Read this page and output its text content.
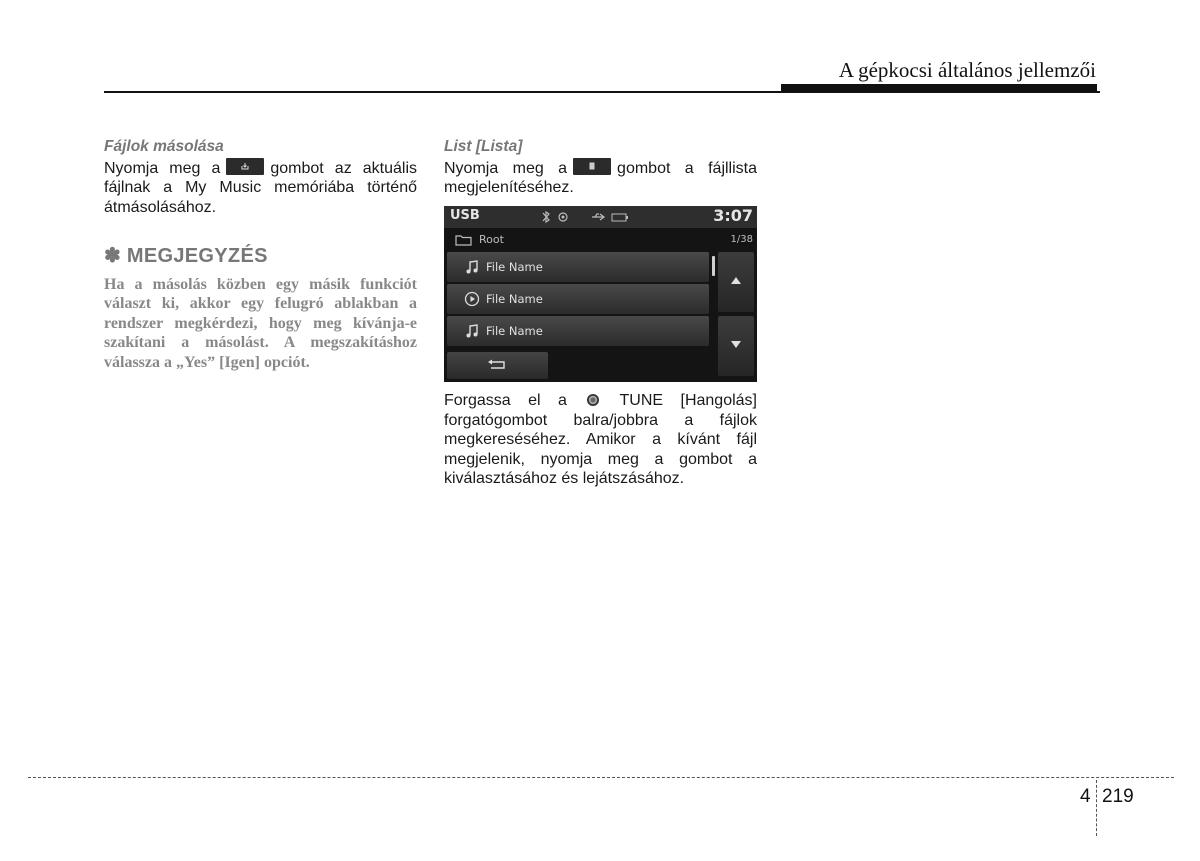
A gépkocsi általános jellemzői

Fájlok másolása

Nyomja meg a	gombot az aktuális fájlnak a My Music memóriába történő átmásolásához.

✽ MEGJEGYZÉS
Ha a másolás közben egy másik funkciót választ ki, akkor egy felugró ablakban a rendszer megkérdezi, hogy meg kívánja-e szakítani a másolást. A megszakításhoz válassza a „Yes” [Igen] opciót.

List [Lista]

Nyomja meg a	gombot a fájllista megjelenítéséhez.

USB	3:07
Root	1/38
File Name
File Name
File Name

Forgassa el a	TUNE [Hangolás] forgatógombot balra/jobbra a fájlok megkereséséhez. Amikor a kívánt fájl megjelenik, nyomja meg a gombot a kiválasztásához és lejátszásához.

4 219
